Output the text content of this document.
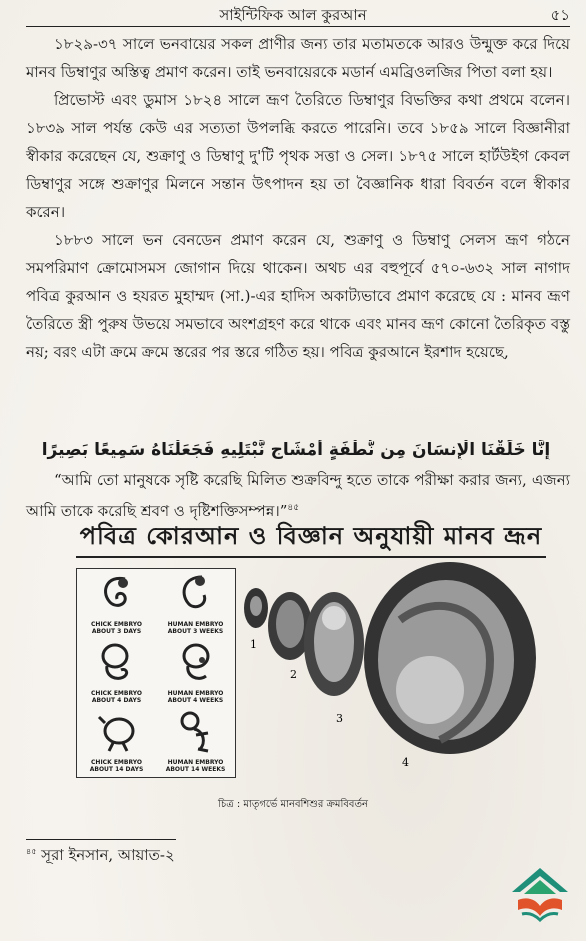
সাইন্টিফিক আল কুরআন	৫১

১৮২৯-৩৭ সালে ভনবায়ের সকল প্রাণীর জন্য তার মতামতকে আরও উন্মুক্ত করে দিয়ে মানব ডিম্বাণুর অস্তিত্ব প্রমাণ করেন। তাই ভনবায়েরকে মডার্ন এমব্রিওলজির পিতা বলা হয়।

প্রিভোস্ট এবং ডুমাস ১৮২৪ সালে ভ্রূণ তৈরিতে ডিম্বাণুর বিভক্তির কথা প্রথমে বলেন। ১৮৩৯ সাল পর্যন্ত কেউ এর সত্যতা উপলব্ধি করতে পারেনি। তবে ১৮৫৯ সালে বিজ্ঞানীরা স্বীকার করেছেন যে, শুক্রাণু ও ডিম্বাণু দু'টি পৃথক সত্তা ও সেল। ১৮৭৫ সালে হার্টউইগ কেবল ডিম্বাণুর সঙ্গে শুক্রাণুর মিলনে সন্তান উৎপাদন হয় তা বৈজ্ঞানিক ধারা বিবর্তন বলে স্বীকার করেন।

১৮৮৩ সালে ভন বেনডেন প্রমাণ করেন যে, শুক্রাণু ও ডিম্বাণু সেলস ভ্রূণ গঠনে সমপরিমাণ ক্রোমোসমস জোগান দিয়ে থাকেন। অথচ এর বহুপূর্বে ৫৭০-৬৩২ সাল নাগাদ পবিত্র কুরআন ও হযরত মুহাম্মদ (সা.)-এর হাদিস অকাট্যভাবে প্রমাণ করেছে যে : মানব ভ্রূণ তৈরিতে স্ত্রী পুরুষ উভয়ে সমভাবে অংশগ্রহণ করে থাকে এবং মানব ভ্রূণ কোনো তৈরিকৃত বস্তু নয়; বরং এটা ক্রমে ক্রমে স্তরের পর স্তরে গঠিত হয়। পবিত্র কুরআনে ইরশাদ হয়েছে,

إِنَّا خَلَقْنَا الْإِنسَانَ مِن نُّطْفَةٍ أَمْشَاجٍ نَّبْتَلِيهِ فَجَعَلْنَاهُ سَمِيعًا بَصِيرًا
“আমি তো মানুষকে সৃষ্টি করেছি মিলিত শুক্রবিন্দু হতে তাকে পরীক্ষা করার জন্য, এজন্য আমি তাকে করেছি শ্রবণ ও দৃষ্টিশক্তিসম্পন্ন।”$^{৪৫}$
পবিত্র কোরআন ও বিজ্ঞান অনুযায়ী মানব ভ্রূন
CHICK EMBRYO ABOUT 3 DAYS
HUMAN EMBRYO ABOUT 3 WEEKS
CHICK EMBRYO ABOUT 4 DAYS
HUMAN EMBRYO ABOUT 4 WEEKS
CHICK EMBRYO ABOUT 14 DAYS
HUMAN EMBRYO ABOUT 14 WEEKS
1
2
3
4
চিত্র : মাতৃগর্ভে মানবশিশুর ক্রমবিবর্তন
$^{৪৫}$ সূরা ইনসান, আয়াত-২
